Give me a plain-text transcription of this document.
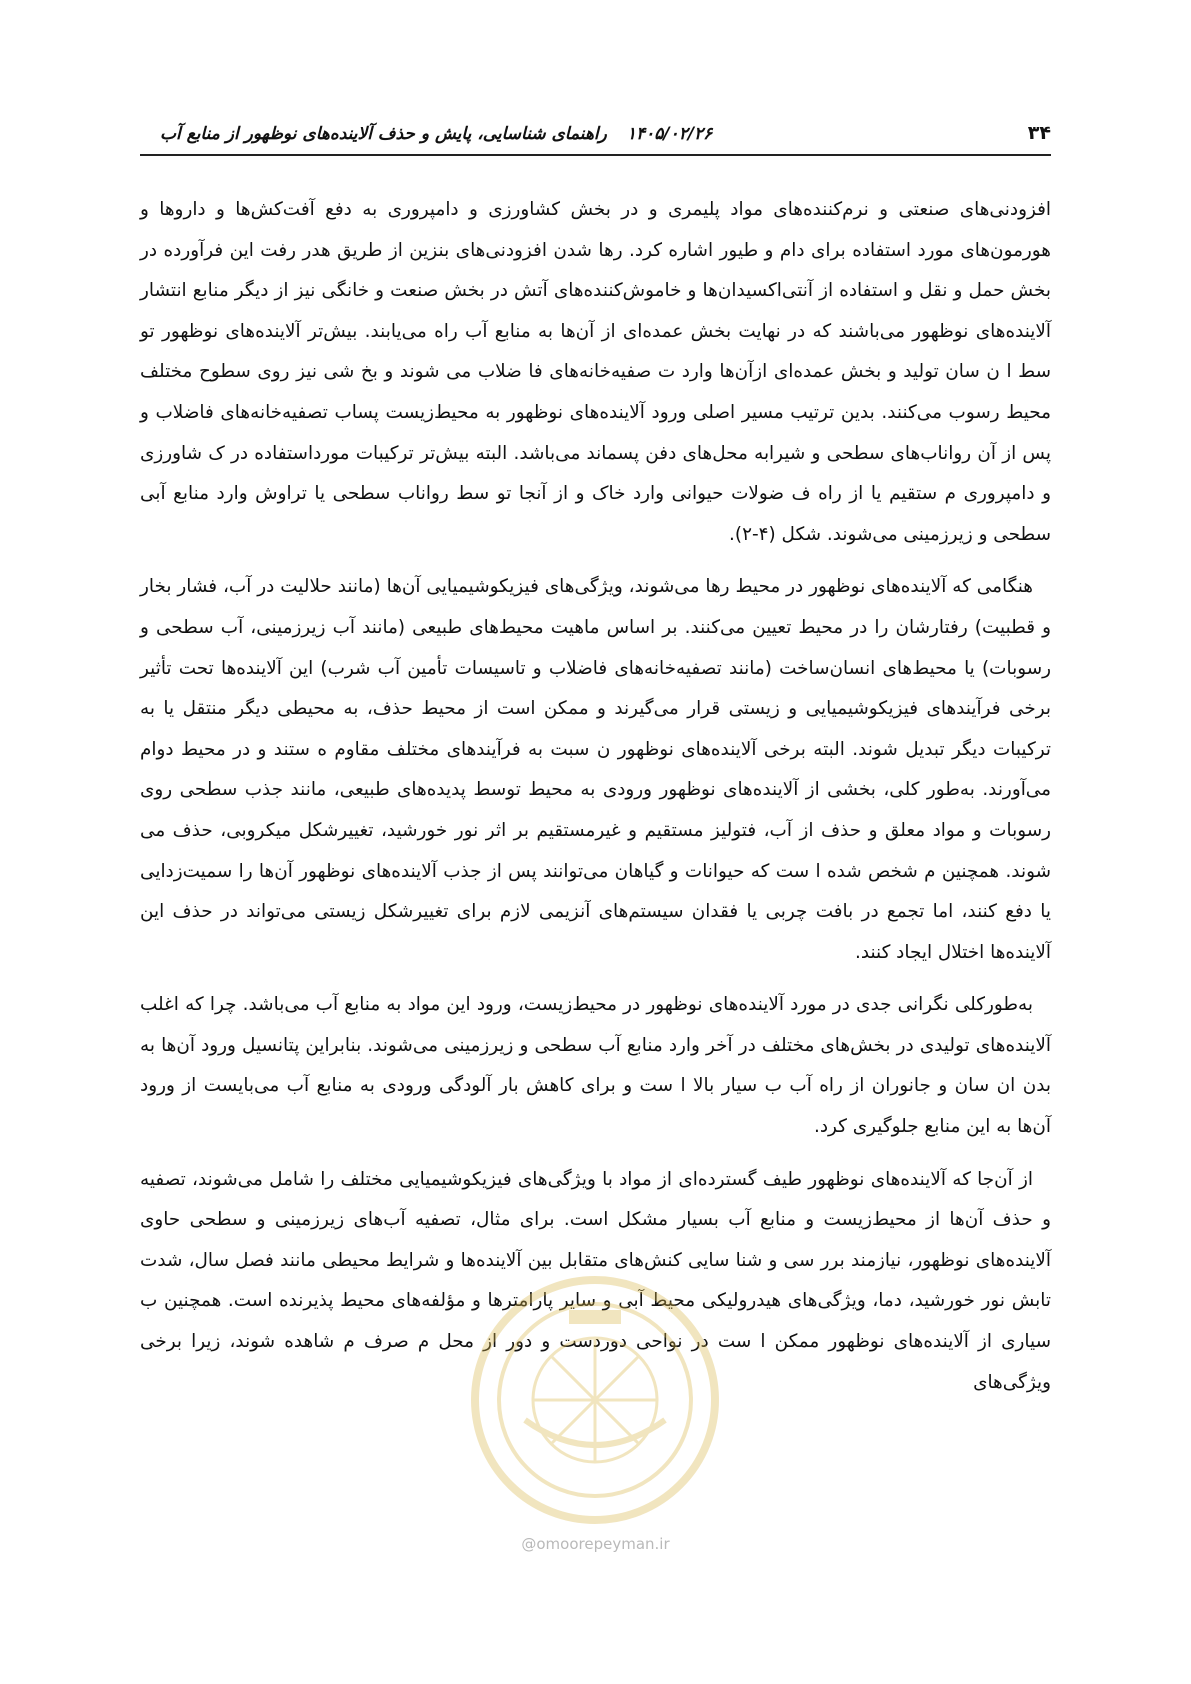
۳۴
۱۴۰۵/۰۲/۲۶راهنمای شناسایی، پایش و حذف آلاینده‌های نوظهور از منابع آب

افزودنی‌های صنعتی و نرم‌کننده‌های مواد پلیمری و در بخش کشاورزی و دامپروری به دفع آفت‌کش‌ها و داروها و هورمون‌های مورد استفاده برای دام و طیور اشاره کرد. رها شدن افزودنی‌های بنزین از طریق هدر رفت این فرآورده در بخش حمل و نقل و استفاده از آنتی‌اکسیدان‌ها و خاموش‌کننده‌های آتش در بخش صنعت و خانگی نیز از دیگر منابع انتشار آلاینده‌های نوظهور می‌باشند که در نهایت بخش عمده‌ای از آن‌ها به منابع آب راه می‌یابند. بیش‌تر آلاینده‌های نوظهور تو سط ا ن سان تولید و بخش عمده‌ای ازآن‌ها وارد ت صفیه‌خانه‌های فا ضلاب می شوند و بخ شی نیز روی سطوح مختلف محیط رسوب می‌کنند. بدین ترتیب مسیر اصلی ورود آلاینده‌های نوظهور به محیط‌زیست پساب تصفیه‌خانه‌های فاضلاب و پس از آن رواناب‌های سطحی و شیرابه محل‌های دفن پسماند می‌باشد. البته بیش‌تر ترکیبات مورداستفاده در ک شاورزی و دامپروری م ستقیم یا از راه ف ضولات حیوانی وارد خاک و از آنجا تو سط رواناب سطحی یا تراوش وارد منابع آبی سطحی و زیرزمینی می‌شوند. شکل (۴-۲).

هنگامی که آلاینده‌های نوظهور در محیط رها می‌شوند، ویژگی‌های فیزیکوشیمیایی آن‌ها (مانند حلالیت در آب، فشار بخار و قطبیت) رفتارشان را در محیط تعیین می‌کنند. بر اساس ماهیت محیط‌های طبیعی (مانند آب زیرزمینی، آب سطحی و رسوبات) یا محیط‌های انسان‌ساخت (مانند تصفیه‌خانه‌های فاضلاب و تاسیسات تأمین آب شرب) این آلاینده‌ها تحت تأثیر برخی فرآیندهای فیزیکوشیمیایی و زیستی قرار می‌گیرند و ممکن است از محیط حذف، به محیطی دیگر منتقل یا به ترکیبات دیگر تبدیل شوند. البته برخی آلاینده‌های نوظهور ن سبت به فرآیندهای مختلف مقاوم ه ستند و در محیط دوام می‌آورند. به‌طور کلی، بخشی از آلاینده‌های نوظهور ورودی به محیط توسط پدیده‌های طبیعی، مانند جذب سطحی روی رسوبات و مواد معلق و حذف از آب، فتولیز مستقیم و غیرمستقیم بر اثر نور خورشید، تغییرشکل میکروبی، حذف می شوند. همچنین م شخص شده ا ست که حیوانات و گیاهان می‌توانند پس از جذب آلاینده‌های نوظهور آن‌ها را سمیت‌زدایی یا دفع کنند، اما تجمع در بافت چربی یا فقدان سیستم‌های آنزیمی لازم برای تغییرشکل زیستی می‌تواند در حذف این آلاینده‌ها اختلال ایجاد کنند.

به‌طورکلی نگرانی جدی در مورد آلاینده‌های نوظهور در محیط‌زیست، ورود این مواد به منابع آب می‌باشد. چرا که اغلب آلاینده‌های تولیدی در بخش‌های مختلف در آخر وارد منابع آب سطحی و زیرزمینی می‌شوند. بنابراین پتانسیل ورود آن‌ها به بدن ان سان و جانوران از راه آب ب سیار بالا ا ست و برای کاهش بار آلودگی ورودی به منابع آب می‌بایست از ورود آن‌ها به این منابع جلوگیری کرد.

از آن‌جا که آلاینده‌های نوظهور طیف گسترده‌ای از مواد با ویژگی‌های فیزیکوشیمیایی مختلف را شامل می‌شوند، تصفیه و حذف آن‌ها از محیط‌زیست و منابع آب بسیار مشکل است. برای مثال، تصفیه آب‌های زیرزمینی و سطحی حاوی آلاینده‌های نوظهور، نیازمند برر سی و شنا سایی کنش‌های متقابل بین آلاینده‌ها و شرایط محیطی مانند فصل سال، شدت تابش نور خورشید، دما، ویژگی‌های هیدرولیکی محیط آبی و سایر پارامترها و مؤلفه‌های محیط پذیرنده است. همچنین ب سیاری از آلاینده‌های نوظهور ممکن ا ست در نواحی دوردست و دور از محل م صرف م شاهده شوند، زیرا برخی ویژگی‌های

@omoorepeyman.ir
